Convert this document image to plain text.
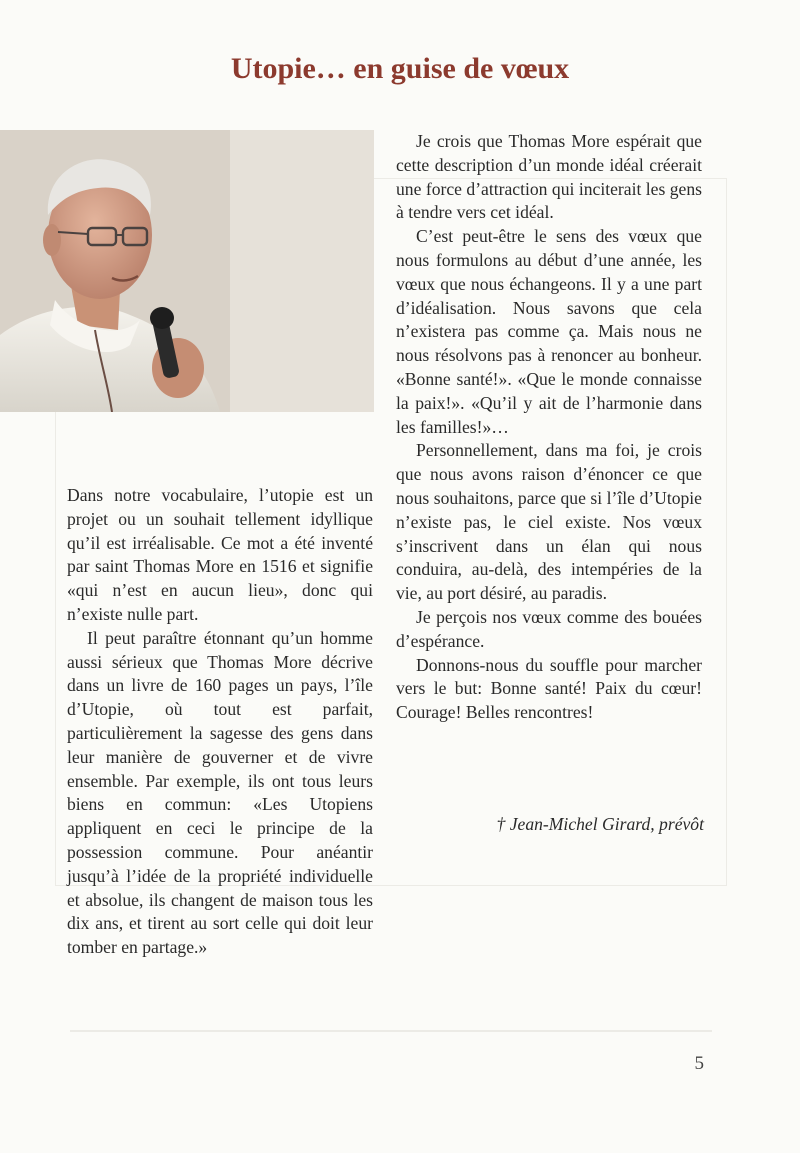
Utopie… en guise de vœux

Dans notre vocabulaire, l’utopie est un projet ou un souhait tellement idyllique qu’il est irréalisable. Ce mot a été inventé par saint Thomas More en 1516 et signifie «qui n’est en aucun lieu», donc qui n’existe nulle part.

Il peut paraître étonnant qu’un homme aussi sérieux que Thomas More décrive dans un livre de 160 pages un pays, l’île d’Utopie, où tout est parfait, particulièrement la sagesse des gens dans leur manière de gouverner et de vivre ensemble. Par exemple, ils ont tous leurs biens en commun: «Les Utopiens appliquent en ceci le principe de la possession commune. Pour anéantir jusqu’à l’idée de la propriété individuelle et absolue, ils changent de maison tous les dix ans, et tirent au sort celle qui doit leur tomber en partage.»

Je crois que Thomas More espérait que cette description d’un monde idéal créerait une force d’attraction qui inciterait les gens à tendre vers cet idéal.

C’est peut-être le sens des vœux que nous formulons au début d’une année, les vœux que nous échangeons. Il y a une part d’idéalisation. Nous savons que cela n’existera pas comme ça. Mais nous ne nous résolvons pas à renoncer au bonheur. «Bonne santé!». «Que le monde connaisse la paix!». «Qu’il y ait de l’harmonie dans les familles!»…

Personnellement, dans ma foi, je crois que nous avons raison d’énoncer ce que nous souhaitons, parce que si l’île d’Utopie n’existe pas, le ciel existe. Nos vœux s’inscrivent dans un élan qui nous conduira, au-delà, des intempéries de la vie, au port désiré, au paradis.

Je perçois nos vœux comme des bouées d’espérance.

Donnons-nous du souffle pour marcher vers le but: Bonne santé! Paix du cœur! Courage! Belles rencontres!

† Jean-Michel Girard, prévôt
5
